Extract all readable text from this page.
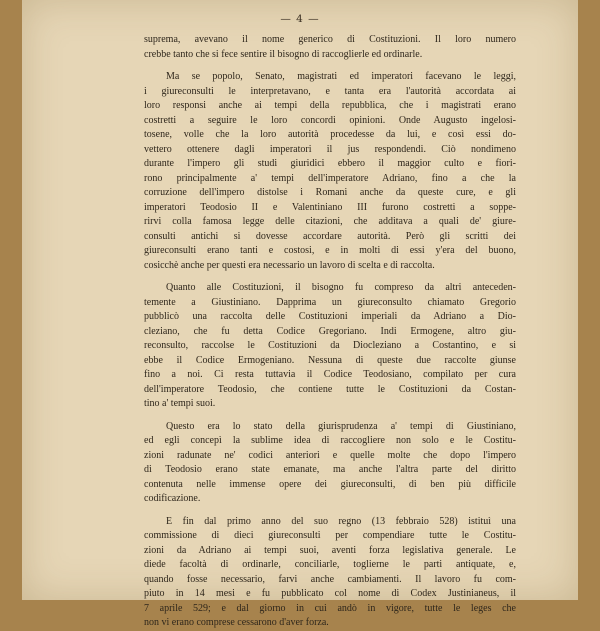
— 4 —

suprema, avevano il nome generico di Costituzioni. Il loro numero
crebbe tanto che si fece sentire il bisogno di raccoglierle ed ordinarle.

Ma se popolo, Senato, magistrati ed imperatori facevano le leggi,
i giureconsulti le interpretavano, e tanta era l'autorità accordata ai
loro responsi anche ai tempi della repubblica, che i magistrati erano
costretti a seguire le loro concordi opinioni. Onde Augusto ingelosi-
tosene, volle che la loro autorità procedesse da lui, e così essi do-
vettero ottenere dagli imperatori il jus respondendi. Ciò nondimeno
durante l'impero gli studi giuridici ebbero il maggior culto e fiori-
rono principalmente a' tempi dell'imperatore Adriano, fino a che la
corruzione dell'impero distolse i Romani anche da queste cure, e gli
imperatori Teodosio II e Valentiniano III furono costretti a soppe-
rirvi colla famosa legge delle citazioni, che additava a quali de' giure-
consulti antichi si dovesse accordare autorità. Però gli scritti dei
giureconsulti erano tanti e costosi, e in molti di essi y'era del buono,
cosicchè anche per questi era necessario un lavoro di scelta e di raccolta.

Quanto alle Costituzioni, il bisogno fu compreso da altri anteceden-
temente a Giustiniano. Dapprima un giureconsulto chiamato Gregorio
pubblicò una raccolta delle Costituzioni imperiali da Adriano a Dio-
cleziano, che fu detta Codice Gregoriano. Indi Ermogene, altro giu-
reconsulto, raccolse le Costituzioni da Diocleziano a Costantino, e si
ebbe il Codice Ermogeniano. Nessuna di queste due raccolte giunse
fino a noi. Ci resta tuttavia il Codice Teodosiano, compilato per cura
dell'imperatore Teodosio, che contiene tutte le Costituzioni da Costan-
tino a' tempi suoi.

Questo era lo stato della giurisprudenza a' tempi di Giustiniano,
ed egli concepì la sublime idea di raccogliere non solo e le Costitu-
zioni radunate ne' codici anteriori e quelle molte che dopo l'impero
di Teodosio erano state emanate, ma anche l'altra parte del diritto
contenuta nelle immense opere dei giureconsulti, di ben più difficile
codificazione.

E fin dal primo anno del suo regno (13 febbraio 528) istituì una
commissione di dieci giureconsulti per compendiare tutte le Costitu-
zioni da Adriano ai tempi suoi, aventi forza legislativa generale. Le
diede facoltà di ordinarle, conciliarle, toglierne le parti antiquate, e,
quando fosse necessario, farvi anche cambiamenti. Il lavoro fu com-
piuto in 14 mesi e fu pubblicato col nome di Codex Justinianeus, il
7 aprile 529; e dal giorno in cui andò in vigore, tutte le leges che
non vi erano comprese cessarono d'aver forza.
